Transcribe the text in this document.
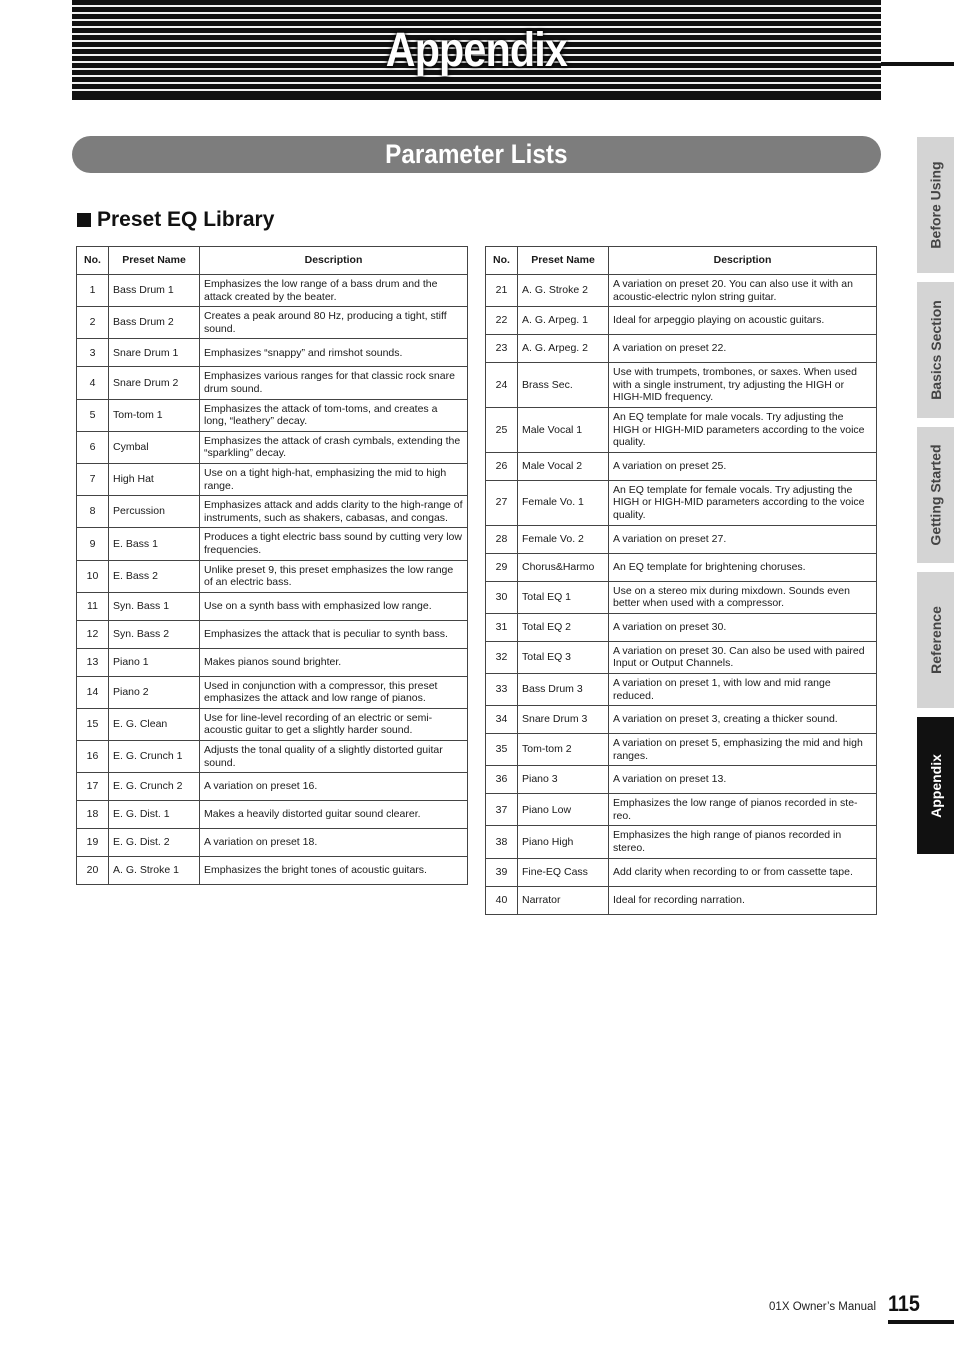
Appendix
Parameter Lists
Preset EQ Library
No.	Preset Name	Description
1	Bass Drum 1	Emphasizes the low range of a bass drum and the attack created by the beater.
2	Bass Drum 2	Creates a peak around 80 Hz, producing a tight, stiff sound.
3	Snare Drum 1	Emphasizes “snappy” and rimshot sounds.
4	Snare Drum 2	Emphasizes various ranges for that classic rock snare drum sound.
5	Tom-tom 1	Emphasizes the attack of tom-toms, and creates a long, “leathery” decay.
6	Cymbal	Emphasizes the attack of crash cymbals, extending the “sparkling” decay.
7	High Hat	Use on a tight high-hat, emphasizing the mid to high range.
8	Percussion	Emphasizes attack and adds clarity to the high-range of instruments, such as shakers, cabasas, and congas.
9	E. Bass 1	Produces a tight electric bass sound by cutting very low frequencies.
10	E. Bass 2	Unlike preset 9, this preset emphasizes the low range of an electric bass.
11	Syn. Bass 1	Use on a synth bass with emphasized low range.
12	Syn. Bass 2	Emphasizes the attack that is peculiar to synth bass.
13	Piano 1	Makes pianos sound brighter.
14	Piano 2	Used in conjunction with a compressor, this preset emphasizes the attack and low range of pianos.
15	E. G. Clean	Use for line-level recording of an electric or semi-acoustic guitar to get a slightly harder sound.
16	E. G. Crunch 1	Adjusts the tonal quality of a slightly distorted guitar sound.
17	E. G. Crunch 2	A variation on preset 16.
18	E. G. Dist. 1	Makes a heavily distorted guitar sound clearer.
19	E. G. Dist. 2	A variation on preset 18.
20	A. G. Stroke 1	Emphasizes the bright tones of acoustic guitars.
No.	Preset Name	Description
21	A. G. Stroke 2	A variation on preset 20. You can also use it with an acoustic-electric nylon string guitar.
22	A. G. Arpeg. 1	Ideal for arpeggio playing on acoustic guitars.
23	A. G. Arpeg. 2	A variation on preset 22.
24	Brass Sec.	Use with trumpets, trombones, or saxes. When used with a single instrument, try adjusting the HIGH or HIGH-MID frequency.
25	Male Vocal 1	An EQ template for male vocals. Try adjusting the HIGH or HIGH-MID parameters according to the voice quality.
26	Male Vocal 2	A variation on preset 25.
27	Female Vo. 1	An EQ template for female vocals. Try adjusting the HIGH or HIGH-MID parameters according to the voice quality.
28	Female Vo. 2	A variation on preset 27.
29	Chorus&Harmo	An EQ template for brightening choruses.
30	Total EQ 1	Use on a stereo mix during mixdown. Sounds even better when used with a compressor.
31	Total EQ 2	A variation on preset 30.
32	Total EQ 3	A variation on preset 30. Can also be used with paired Input or Output Channels.
33	Bass Drum 3	A variation on preset 1, with low and mid range reduced.
34	Snare Drum 3	A variation on preset 3, creating a thicker sound.
35	Tom-tom 2	A variation on preset 5, emphasizing the mid and high ranges.
36	Piano 3	A variation on preset 13.
37	Piano Low	Emphasizes the low range of pianos recorded in ste-reo.
38	Piano High	Emphasizes the high range of pianos recorded in stereo.
39	Fine-EQ Cass	Add clarity when recording to or from cassette tape.
40	Narrator	Ideal for recording narration.
Before Using
Basics Section
Getting Started
Reference
Appendix
01X Owner’s Manual 115
